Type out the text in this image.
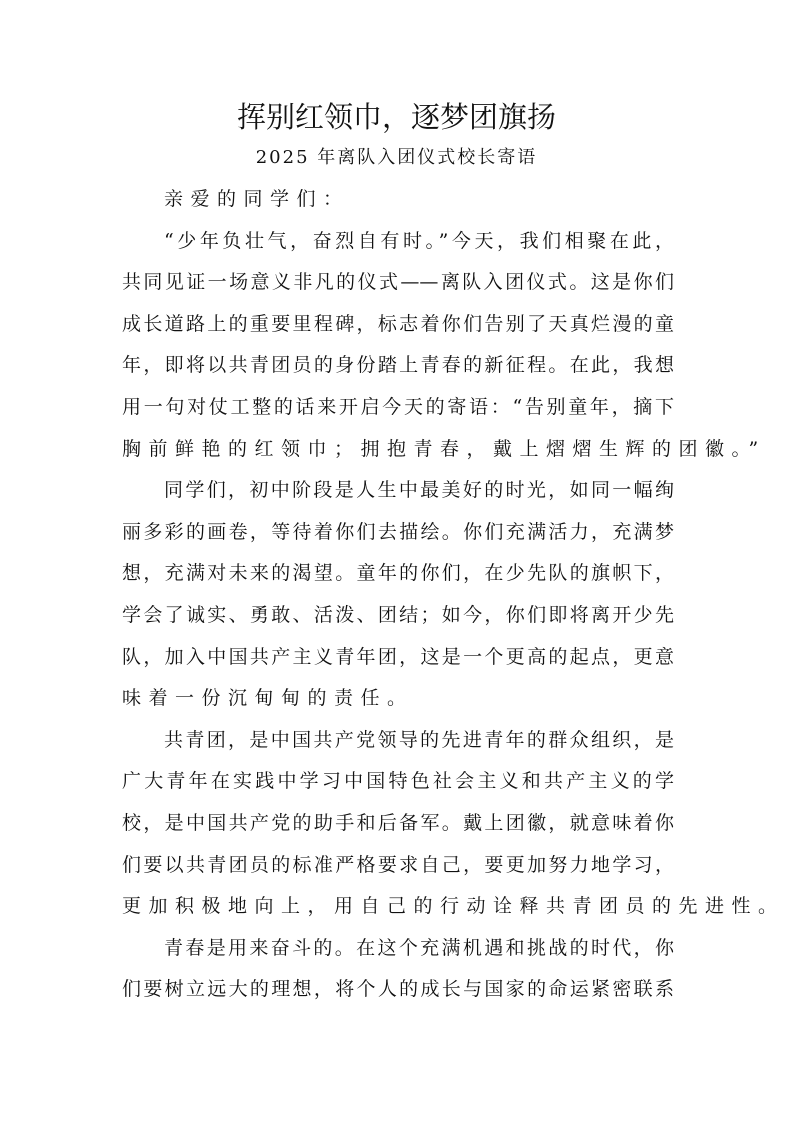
挥别红领巾，逐梦团旗扬
2025 年离队入团仪式校长寄语
亲爱的同学们：
“少年负壮气，奋烈自有时。”今天，我们相聚在此，
共同见证一场意义非凡的仪式——离队入团仪式。这是你们
成长道路上的重要里程碑，标志着你们告别了天真烂漫的童
年，即将以共青团员的身份踏上青春的新征程。在此，我想
用一句对仗工整的话来开启今天的寄语：“告别童年，摘下
胸前鲜艳的红领巾；拥抱青春，戴上熠熠生辉的团徽。”
同学们，初中阶段是人生中最美好的时光，如同一幅绚
丽多彩的画卷，等待着你们去描绘。你们充满活力，充满梦
想，充满对未来的渴望。童年的你们，在少先队的旗帜下，
学会了诚实、勇敢、活泼、团结；如今，你们即将离开少先
队，加入中国共产主义青年团，这是一个更高的起点，更意
味着一份沉甸甸的责任。
共青团，是中国共产党领导的先进青年的群众组织，是
广大青年在实践中学习中国特色社会主义和共产主义的学
校，是中国共产党的助手和后备军。戴上团徽，就意味着你
们要以共青团员的标准严格要求自己，要更加努力地学习，
更加积极地向上，用自己的行动诠释共青团员的先进性。
青春是用来奋斗的。在这个充满机遇和挑战的时代，你
们要树立远大的理想，将个人的成长与国家的命运紧密联系
